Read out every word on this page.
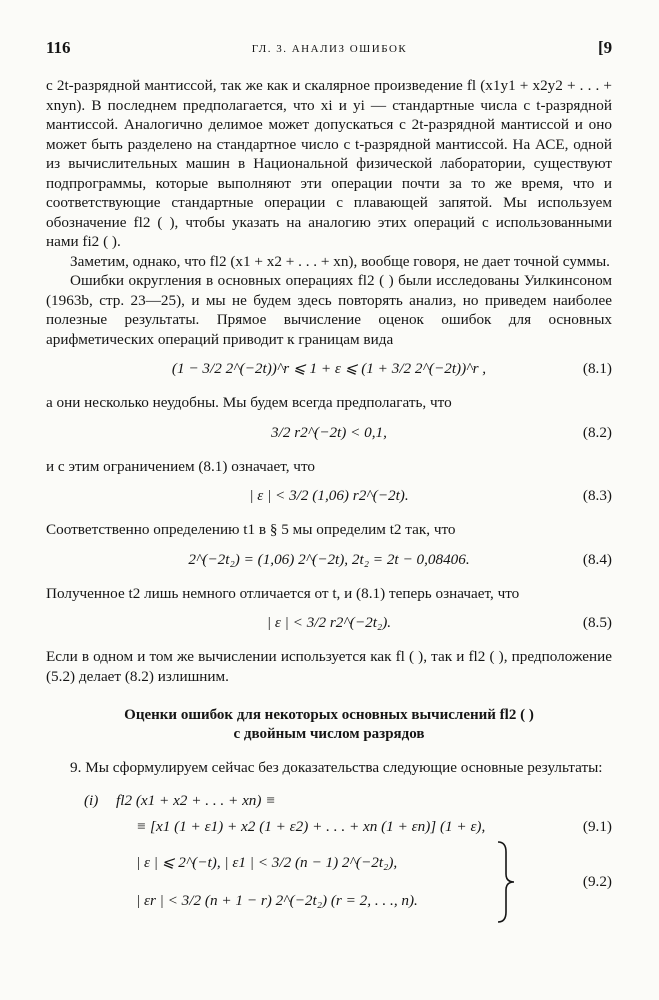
116	ГЛ. 3. АНАЛИЗ ОШИБОК	[9

с 2t-разрядной мантиссой, так же как и скалярное произведение fl (x1y1 + x2y2 + . . . + xnyn). В последнем предполагается, что xi и yi — стандартные числа с t-разрядной мантиссой. Аналогично делимое может допускаться с 2t-разрядной мантиссой и оно может быть разделено на стандартное число с t-разрядной мантиссой. На АСЕ, одной из вычислительных машин в Национальной физической лаборатории, существуют подпрограммы, которые выполняют эти операции почти за то же время, что и соответствующие стандартные операции с плавающей запятой. Мы используем обозначение fl2 ( ), чтобы указать на аналогию этих операций с использованными нами fi2 ( ).

Заметим, однако, что fl2 (x1 + x2 + . . . + xn), вообще говоря, не дает точной суммы.

Ошибки округления в основных операциях fl2 ( ) были исследованы Уилкинсоном (1963b, стр. 23—25), и мы не будем здесь повторять анализ, но приведем наиболее полезные результаты. Прямое вычисление оценок ошибок для основных арифметических операций приводит к границам вида

(1 − 3/2 2^(−2t))^r ⩽ 1 + ε ⩽ (1 + 3/2 2^(−2t))^r ,	(8.1)

а они несколько неудобны. Мы будем всегда предполагать, что

3/2 r2^(−2t) < 0,1,	(8.2)

и с этим ограничением (8.1) означает, что

| ε | < 3/2 (1,06) r2^(−2t).	(8.3)

Соответственно определению t1 в § 5 мы определим t2 так, что

2^(−2t₂) = (1,06) 2^(−2t), 2t₂ = 2t − 0,08406.	(8.4)

Полученное t2 лишь немного отличается от t, и (8.1) теперь означает, что

| ε | < 3/2 r2^(−2t₂).	(8.5)

Если в одном и том же вычислении используется как fl ( ), так и fl2 ( ), предположение (5.2) делает (8.2) излишним.

Оценки ошибок для некоторых основных вычислений fl2 ( )
с двойным числом разрядов

9. Мы сформулируем сейчас без доказательства следующие основные результаты:

(i) fl2 (x1 + x2 + . . . + xn) ≡
≡ [x1 (1 + ε1) + x2 (1 + ε2) + . . . + xn (1 + εn)] (1 + ε),	(9.1)
| ε | ⩽ 2^(−t), | ε1 | < 3/2 (n − 1) 2^(−2t₂),
| εr | < 3/2 (n + 1 − r) 2^(−2t₂) (r = 2, . . ., n).
(9.2)
